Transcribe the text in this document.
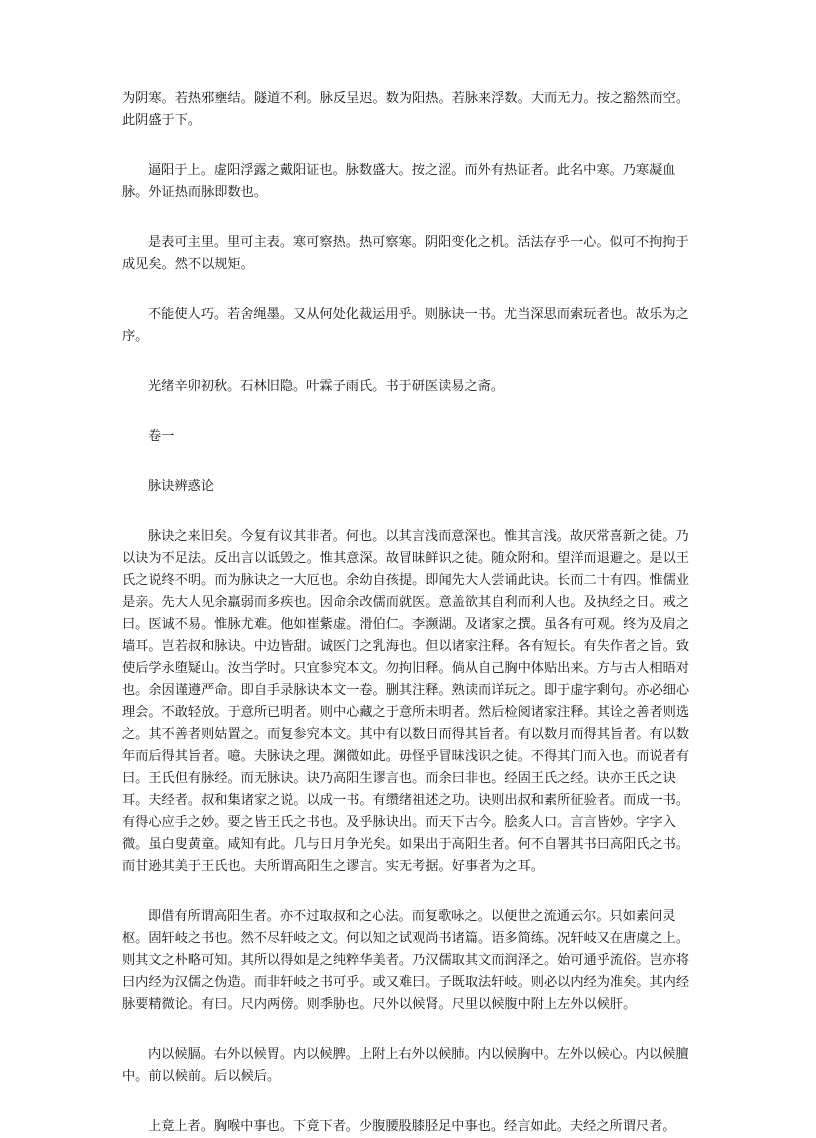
为阴寒。若热邪壅结。隧道不利。脉反呈迟。数为阳热。若脉来浮数。大而无力。按之豁然而空。此阴盛于下。

逼阳于上。虚阳浮露之戴阳证也。脉数盛大。按之涩。而外有热证者。此名中寒。乃寒凝血脉。外证热而脉即数也。

是表可主里。里可主表。寒可察热。热可察寒。阴阳变化之机。活法存乎一心。似可不拘拘于成见矣。然不以规矩。

不能使人巧。若舍绳墨。又从何处化裁运用乎。则脉诀一书。尤当深思而索玩者也。故乐为之序。

光绪辛卯初秋。石林旧隐。叶霖子雨氏。书于研医读易之斋。

卷一

脉诀辨惑论

脉诀之来旧矣。今复有议其非者。何也。以其言浅而意深也。惟其言浅。故厌常喜新之徒。乃以诀为不足法。反出言以诋毁之。惟其意深。故冒昧鲜识之徒。随众附和。望洋而退避之。是以王氏之说终不明。而为脉诀之一大厄也。余幼自孩提。即闻先大人尝诵此诀。长而二十有四。惟儒业是亲。先大人见余羸弱而多疾也。因命余改儒而就医。意盖欲其自利而利人也。及执经之日。戒之曰。医诚不易。惟脉尤难。他如崔紫虚。滑伯仁。李濒湖。及诸家之撰。虽各有可观。终为及肩之墙耳。岂若叔和脉诀。中边皆甜。诚医门之乳海也。但以诸家注释。各有短长。有失作者之旨。致使后学永堕疑山。汝当学时。只宜参究本文。勿拘旧释。倘从自己胸中体贴出来。方与古人相晤对也。余因谨遵严命。即自手录脉诀本文一卷。删其注释。熟读而详玩之。即于虚字剩句。亦必细心理会。不敢轻放。于意所已明者。则中心藏之于意所未明者。然后检阅诸家注释。其诠之善者则选之。其不善者则姑置之。而复参究本文。其中有以数日而得其旨者。有以数月而得其旨者。有以数年而后得其旨者。噫。夫脉诀之理。渊微如此。毋怪乎冒昧浅识之徒。不得其门而入也。而说者有曰。王氏但有脉经。而无脉诀。诀乃高阳生谬言也。而余曰非也。经固王氏之经。诀亦王氏之诀耳。夫经者。叔和集诸家之说。以成一书。有缵绪祖述之功。诀则出叔和素所征验者。而成一书。有得心应手之妙。要之皆王氏之书也。及乎脉诀出。而天下古今。脍炙人口。言言皆妙。字字入微。虽白叟黄童。咸知有此。几与日月争光矣。如果出于高阳生者。何不自署其书曰高阳氏之书。而甘逊其美于王氏也。夫所谓高阳生之谬言。实无考据。好事者为之耳。

即借有所谓高阳生者。亦不过取叔和之心法。而复歌咏之。以便世之流通云尔。只如素问灵枢。固轩岐之书也。然不尽轩岐之文。何以知之试观尚书诸篇。语多简练。况轩岐又在唐虞之上。则其文之朴略可知。其所以得如是之纯粹华美者。乃汉儒取其文而润泽之。始可通乎流俗。岂亦将曰内经为汉儒之伪造。而非轩岐之书可乎。或又难曰。子既取法轩岐。则必以内经为准矣。其内经脉要精微论。有曰。尺内两傍。则季胁也。尺外以候肾。尺里以候腹中附上左外以候肝。

内以候膈。右外以候胃。内以候脾。上附上右外以候肺。内以候胸中。左外以候心。内以候膻中。前以候前。后以候后。

上竟上者。胸喉中事也。下竟下者。少腹腰股膝胫足中事也。经言如此。夫经之所谓尺者。
